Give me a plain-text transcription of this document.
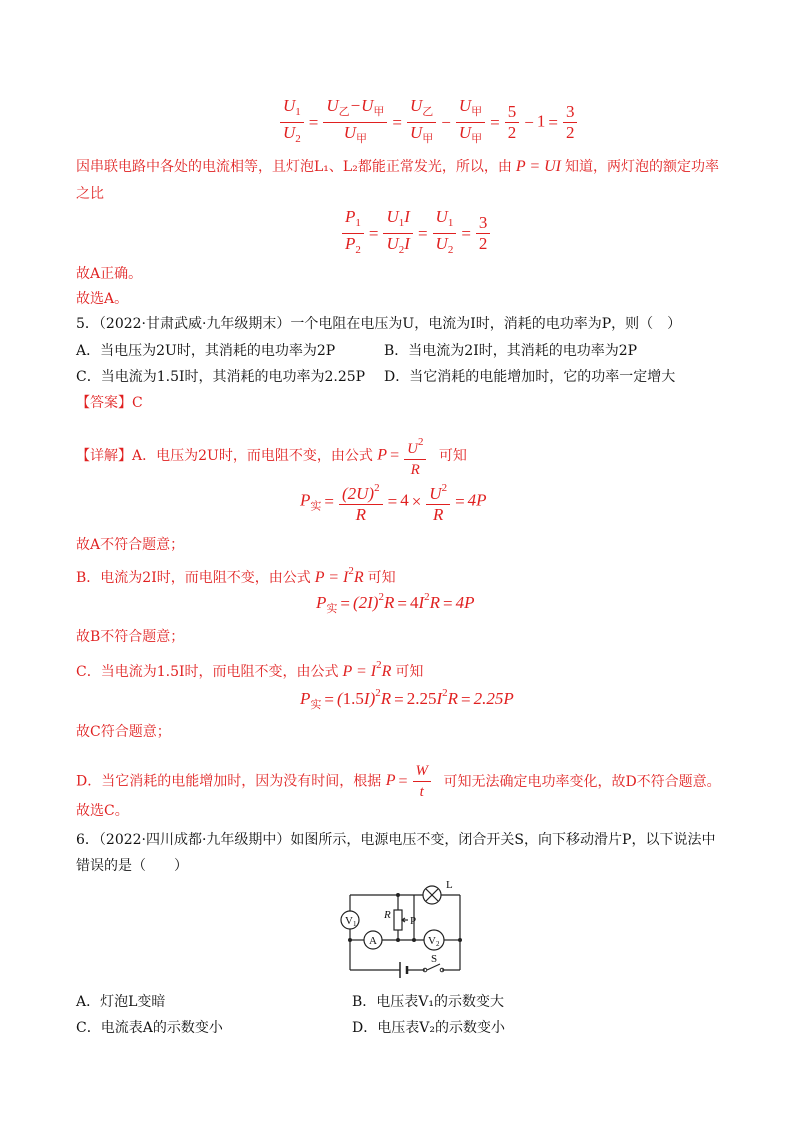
$\frac{U_1}{U_2} = \frac{U_乙-U_甲}{U_甲} = \frac{U_乙}{U_甲} - \frac{U_甲}{U_甲} = \frac{5}{2} - 1 = \frac{3}{2}$
因串联电路中各处的电流相等，且灯泡L₁、L₂都能正常发光，所以，由 P = UI 知道，两灯泡的额定功率
之比
$\frac{P_1}{P_2} = \frac{U_1I}{U_2I} = \frac{U_1}{U_2} = \frac{3}{2}$
故A正确。
故选A。
5．（2022·甘肃武威·九年级期末）一个电阻在电压为U，电流为I时，消耗的电功率为P，则（　）
A．当电压为2U时，其消耗的电功率为2P	B．当电流为2I时，其消耗的电功率为2P
C．当电流为1.5I时，其消耗的电功率为2.25P D．当它消耗的电能增加时，它的功率一定增大
【答案】C
【详解】A．电压为2U时，而电阻不变，由公式 $P = \frac{U^2}{R}$ 可知
$P_实 = \frac{(2U)^2}{R} = 4 \times \frac{U^2}{R} = 4P$
故A不符合题意；
B．电流为2I时，而电阻不变，由公式 $P = I^2R$ 可知
$P_实 = (2I)^2R = 4I^2R = 4P$
故B不符合题意；
C．当电流为1.5I时，而电阻不变，由公式 $P = I^2R$ 可知
$P_实 = (1.5I)^2R = 2.25I^2R = 2.25P$
故C符合题意；
D．当它消耗的电能增加时，因为没有时间，根据 $P = \frac{W}{t}$ 可知无法确定电功率变化，故D不符合题意。
故选C。
6．（2022·四川成都·九年级期中）如图所示，电源电压不变，闭合开关S，向下移动滑片P，以下说法中
错误的是（　　）
V1
A	V2
L
R P
S
A．灯泡L变暗	B．电压表V₁的示数变大
C．电流表A的示数变小	D．电压表V₂的示数变小
